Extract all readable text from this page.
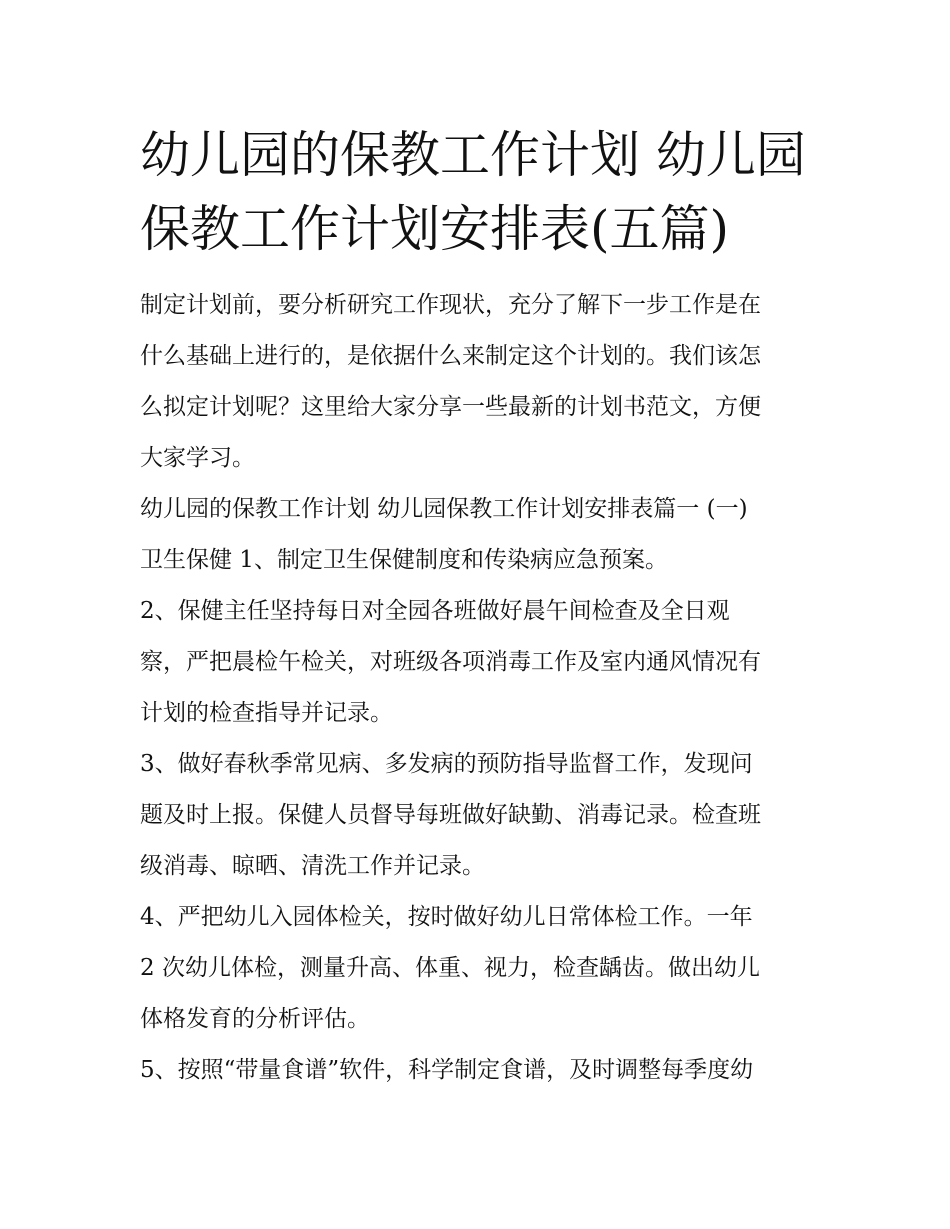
幼儿园的保教工作计划 幼儿园
保教工作计划安排表(五篇)
制定计划前，要分析研究工作现状，充分了解下一步工作是在
什么基础上进行的，是依据什么来制定这个计划的。我们该怎
么拟定计划呢？这里给大家分享一些最新的计划书范文，方便
大家学习。
幼儿园的保教工作计划 幼儿园保教工作计划安排表篇一 (一)
卫生保健 1、制定卫生保健制度和传染病应急预案。
2、保健主任坚持每日对全园各班做好晨午间检查及全日观
察，严把晨检午检关，对班级各项消毒工作及室内通风情况有
计划的检查指导并记录。
3、做好春秋季常见病、多发病的预防指导监督工作，发现问
题及时上报。保健人员督导每班做好缺勤、消毒记录。检查班
级消毒、晾晒、清洗工作并记录。
4、严把幼儿入园体检关，按时做好幼儿日常体检工作。一年
2 次幼儿体检，测量升高、体重、视力，检查龋齿。做出幼儿
体格发育的分析评估。
5、按照“带量食谱”软件，科学制定食谱，及时调整每季度幼
